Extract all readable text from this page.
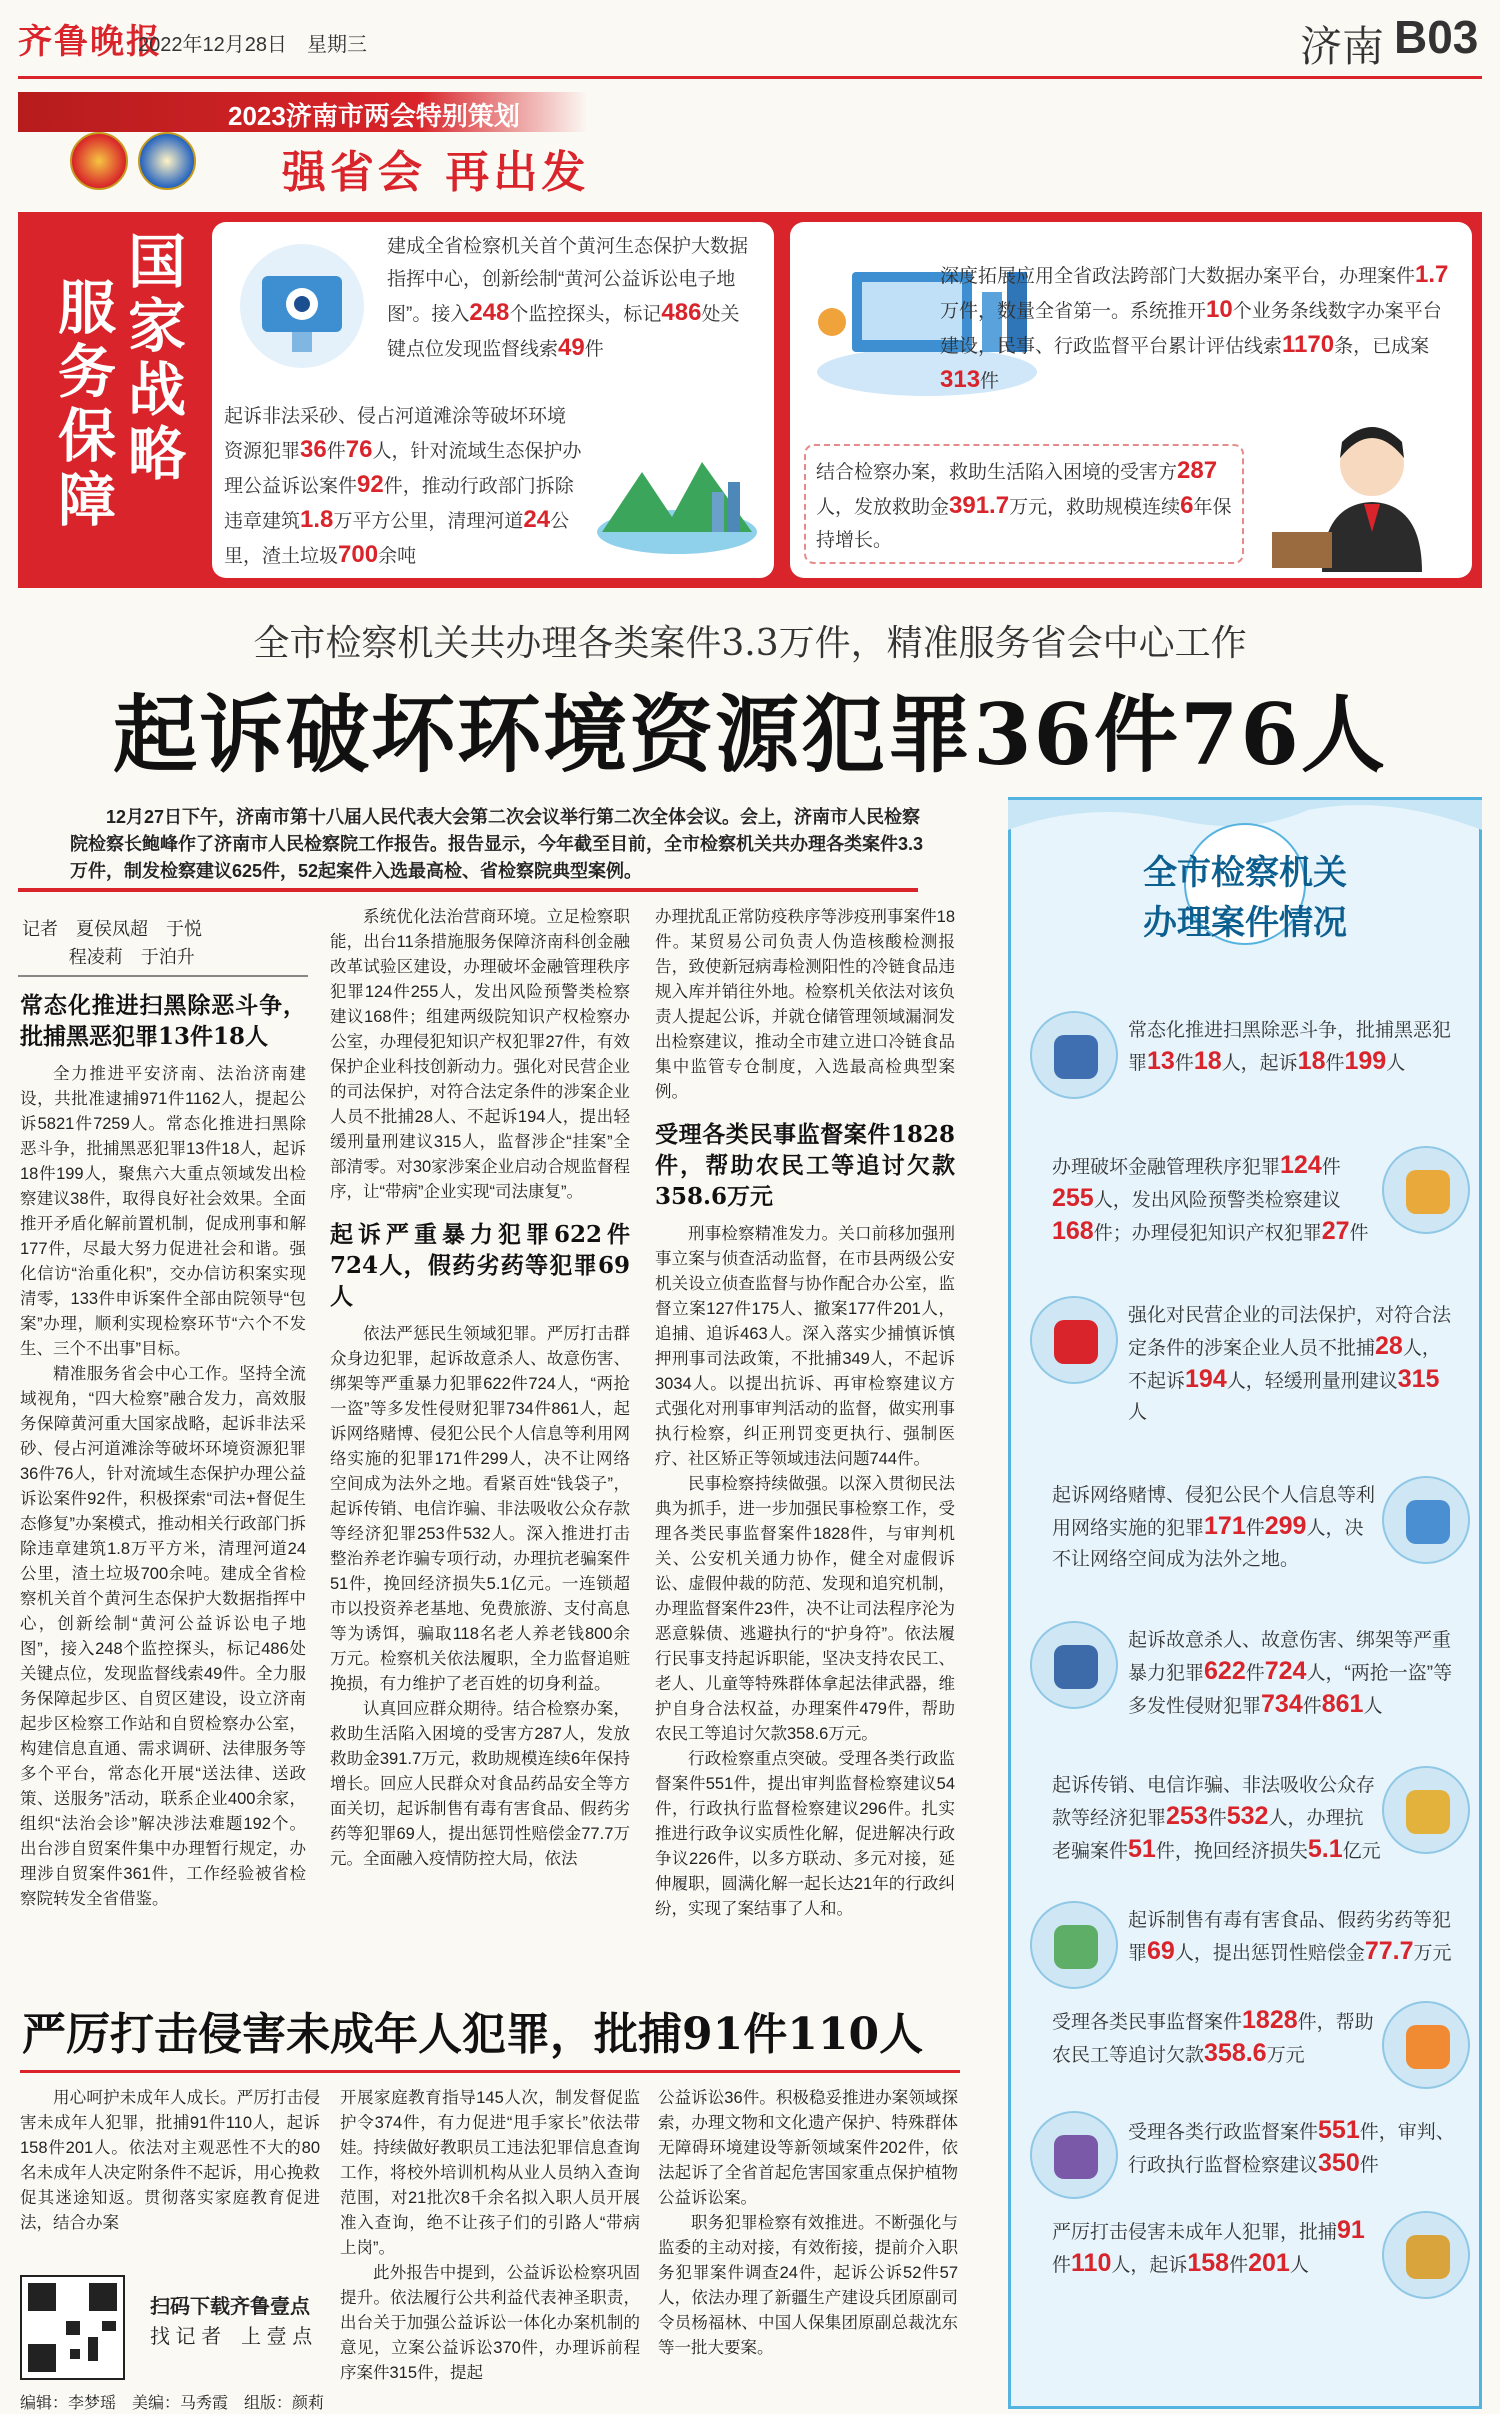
齐鲁晚报
2022年12月28日　星期三	济南 B03
2023济南市两会特别策划
强省会 再出发
国家战略
服务保障
建成全省检察机关首个黄河生态保护大数据指挥中心，创新绘制“黄河公益诉讼电子地图”。接入248个监控探头，标记486处关键点位发现监督线索49件
起诉非法采砂、侵占河道滩涂等破坏环境资源犯罪36件76人，针对流域生态保护办理公益诉讼案件92件，推动行政部门拆除违章建筑1.8万平方公里，清理河道24公里，渣土垃圾700余吨
深度拓展应用全省政法跨部门大数据办案平台，办理案件1.7万件，数量全省第一。系统推开10个业务条线数字办案平台建设，民事、行政监督平台累计评估线索1170条，已成案313件
结合检察办案，救助生活陷入困境的受害方287人，发放救助金391.7万元，救助规模连续6年保持增长。
全市检察机关共办理各类案件3.3万件，精准服务省会中心工作
起诉破坏环境资源犯罪36件76人
12月27日下午，济南市第十八届人民代表大会第二次会议举行第二次全体会议。会上，济南市人民检察院检察长鲍峰作了济南市人民检察院工作报告。报告显示，今年截至目前，全市检察机关共办理各类案件3.3万件，制发检察建议625件，52起案件入选最高检、省检察院典型案例。
记者　夏侯凤超　于悦
程凌莉　于泊升
常态化推进扫黑除恶斗争，批捕黑恶犯罪13件18人

全力推进平安济南、法治济南建设，共批准逮捕971件1162人，提起公诉5821件7259人。常态化推进扫黑除恶斗争，批捕黑恶犯罪13件18人，起诉18件199人，聚焦六大重点领域发出检察建议38件，取得良好社会效果。全面推开矛盾化解前置机制，促成刑事和解177件，尽最大努力促进社会和谐。强化信访“治重化积”，交办信访积案实现清零，133件申诉案件全部由院领导“包案”办理，顺利实现检察环节“六个不发生、三个不出事”目标。

精准服务省会中心工作。坚持全流域视角，“四大检察”融合发力，高效服务保障黄河重大国家战略，起诉非法采砂、侵占河道滩涂等破坏环境资源犯罪36件76人，针对流域生态保护办理公益诉讼案件92件，积极探索“司法+督促生态修复”办案模式，推动相关行政部门拆除违章建筑1.8万平方米，清理河道24公里，渣土垃圾700余吨。建成全省检察机关首个黄河生态保护大数据指挥中心，创新绘制“黄河公益诉讼电子地图”，接入248个监控探头，标记486处关键点位，发现监督线索49件。全力服务保障起步区、自贸区建设，设立济南起步区检察工作站和自贸检察办公室，构建信息直通、需求调研、法律服务等多个平台，常态化开展“送法律、送政策、送服务”活动，联系企业400余家，组织“法治会诊”解决涉法难题192个。出台涉自贸案件集中办理暂行规定，办理涉自贸案件361件，工作经验被省检察院转发全省借鉴。

系统优化法治营商环境。立足检察职能，出台11条措施服务保障济南科创金融改革试验区建设，办理破坏金融管理秩序犯罪124件255人，发出风险预警类检察建议168件；组建两级院知识产权检察办公室，办理侵犯知识产权犯罪27件，有效保护企业科技创新动力。强化对民营企业的司法保护，对符合法定条件的涉案企业人员不批捕28人、不起诉194人，提出轻缓刑量刑建议315人，监督涉企“挂案”全部清零。对30家涉案企业启动合规监督程序，让“带病”企业实现“司法康复”。

起诉严重暴力犯罪622件724人，假药劣药等犯罪69人

依法严惩民生领域犯罪。严厉打击群众身边犯罪，起诉故意杀人、故意伤害、绑架等严重暴力犯罪622件724人，“两抢一盗”等多发性侵财犯罪734件861人，起诉网络赌博、侵犯公民个人信息等利用网络实施的犯罪171件299人，决不让网络空间成为法外之地。看紧百姓“钱袋子”，起诉传销、电信诈骗、非法吸收公众存款等经济犯罪253件532人。深入推进打击整治养老诈骗专项行动，办理抗老骗案件51件，挽回经济损失5.1亿元。一连锁超市以投资养老基地、免费旅游、支付高息等为诱饵，骗取118名老人养老钱800余万元。检察机关依法履职，全力监督追赃挽损，有力维护了老百姓的切身利益。

认真回应群众期待。结合检察办案，救助生活陷入困境的受害方287人，发放救助金391.7万元，救助规模连续6年保持增长。回应人民群众对食品药品安全等方面关切，起诉制售有毒有害食品、假药劣药等犯罪69人，提出惩罚性赔偿金77.7万元。全面融入疫情防控大局，依法

办理扰乱正常防疫秩序等涉疫刑事案件18件。某贸易公司负责人伪造核酸检测报告，致使新冠病毒检测阳性的冷链食品违规入库并销往外地。检察机关依法对该负责人提起公诉，并就仓储管理领域漏洞发出检察建议，推动全市建立进口冷链食品集中监管专仓制度，入选最高检典型案例。

受理各类民事监督案件1828件，帮助农民工等追讨欠款358.6万元

刑事检察精准发力。关口前移加强刑事立案与侦查活动监督，在市县两级公安机关设立侦查监督与协作配合办公室，监督立案127件175人、撤案177件201人，追捕、追诉463人。深入落实少捕慎诉慎押刑事司法政策，不批捕349人，不起诉3034人。以提出抗诉、再审检察建议方式强化对刑事审判活动的监督，做实刑事执行检察，纠正刑罚变更执行、强制医疗、社区矫正等领域违法问题744件。

民事检察持续做强。以深入贯彻民法典为抓手，进一步加强民事检察工作，受理各类民事监督案件1828件，与审判机关、公安机关通力协作，健全对虚假诉讼、虚假仲裁的防范、发现和追究机制，办理监督案件23件，决不让司法程序沦为恶意躲债、逃避执行的“护身符”。依法履行民事支持起诉职能，坚决支持农民工、老人、儿童等特殊群体拿起法律武器，维护自身合法权益，办理案件479件，帮助农民工等追讨欠款358.6万元。

行政检察重点突破。受理各类行政监督案件551件，提出审判监督检察建议54件，行政执行监督检察建议296件。扎实推进行政争议实质性化解，促进解决行政争议226件，以多方联动、多元对接，延伸履职，圆满化解一起长达21年的行政纠纷，实现了案结事了人和。

严厉打击侵害未成年人犯罪，批捕91件110人

用心呵护未成年人成长。严厉打击侵害未成年人犯罪，批捕91件110人，起诉158件201人。依法对主观恶性不大的80名未成年人决定附条件不起诉，用心挽救促其迷途知返。贯彻落实家庭教育促进法，结合办案

开展家庭教育指导145人次，制发督促监护令374件，有力促进“甩手家长”依法带娃。持续做好教职员工违法犯罪信息查询工作，将校外培训机构从业人员纳入查询范围，对21批次8千余名拟入职人员开展准入查询，绝不让孩子们的引路人“带病上岗”。

此外报告中提到，公益诉讼检察巩固提升。依法履行公共利益代表神圣职责，出台关于加强公益诉讼一体化办案机制的意见，立案公益诉讼370件，办理诉前程序案件315件，提起

公益诉讼36件。积极稳妥推进办案领域探索，办理文物和文化遗产保护、特殊群体无障碍环境建设等新领域案件202件，依法起诉了全省首起危害国家重点保护植物公益诉讼案。

职务犯罪检察有效推进。不断强化与监委的主动对接，有效衔接，提前介入职务犯罪案件调查24件，起诉公诉52件57人，依法办理了新疆生产建设兵团原副司令员杨福林、中国人保集团原副总裁沈东等一批大要案。

扫码下载齐鲁壹点
找 记 者　上 壹 点
编辑：李梦瑶　美编：马秀霞　组版：颜莉
全市检察机关
办理案件情况
常态化推进扫黑除恶斗争，批捕黑恶犯罪13件18人，起诉18件199人
办理破坏金融管理秩序犯罪124件255人，发出风险预警类检察建议168件；办理侵犯知识产权犯罪27件
强化对民营企业的司法保护，对符合法定条件的涉案企业人员不批捕28人，不起诉194人，轻缓刑量刑建议315人
起诉网络赌博、侵犯公民个人信息等利用网络实施的犯罪171件299人，决不让网络空间成为法外之地。
起诉故意杀人、故意伤害、绑架等严重暴力犯罪622件724人，“两抢一盗”等多发性侵财犯罪734件861人
起诉传销、电信诈骗、非法吸收公众存款等经济犯罪253件532人，办理抗老骗案件51件，挽回经济损失5.1亿元
起诉制售有毒有害食品、假药劣药等犯罪69人，提出惩罚性赔偿金77.7万元
受理各类民事监督案件1828件，帮助农民工等追讨欠款358.6万元
受理各类行政监督案件551件，审判、行政执行监督检察建议350件
严厉打击侵害未成年人犯罪，批捕91件110人，起诉158件201人
